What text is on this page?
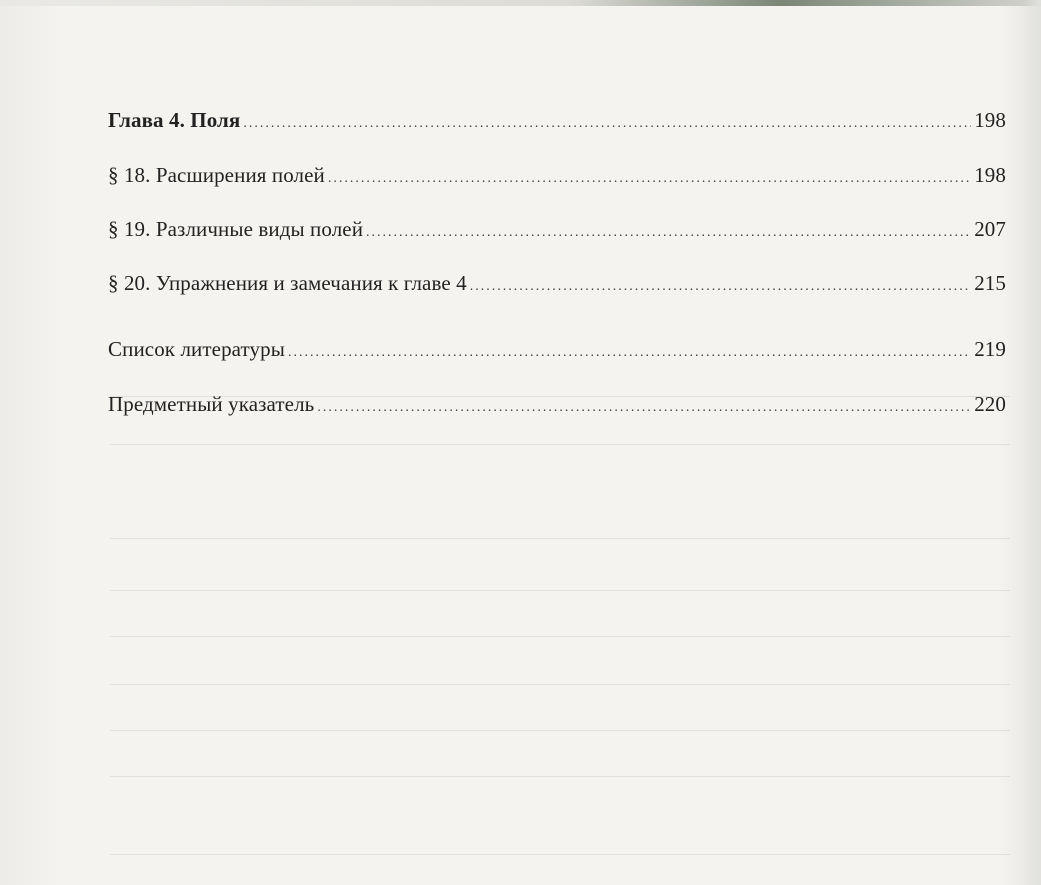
Глава 4. Поля .....	198
§ 18. Расширения полей .....	198
§ 19. Различные виды полей .....	207
§ 20. Упражнения и замечания к главе 4 .....	215
Список литературы .....	219
Предметный указатель .....	220
